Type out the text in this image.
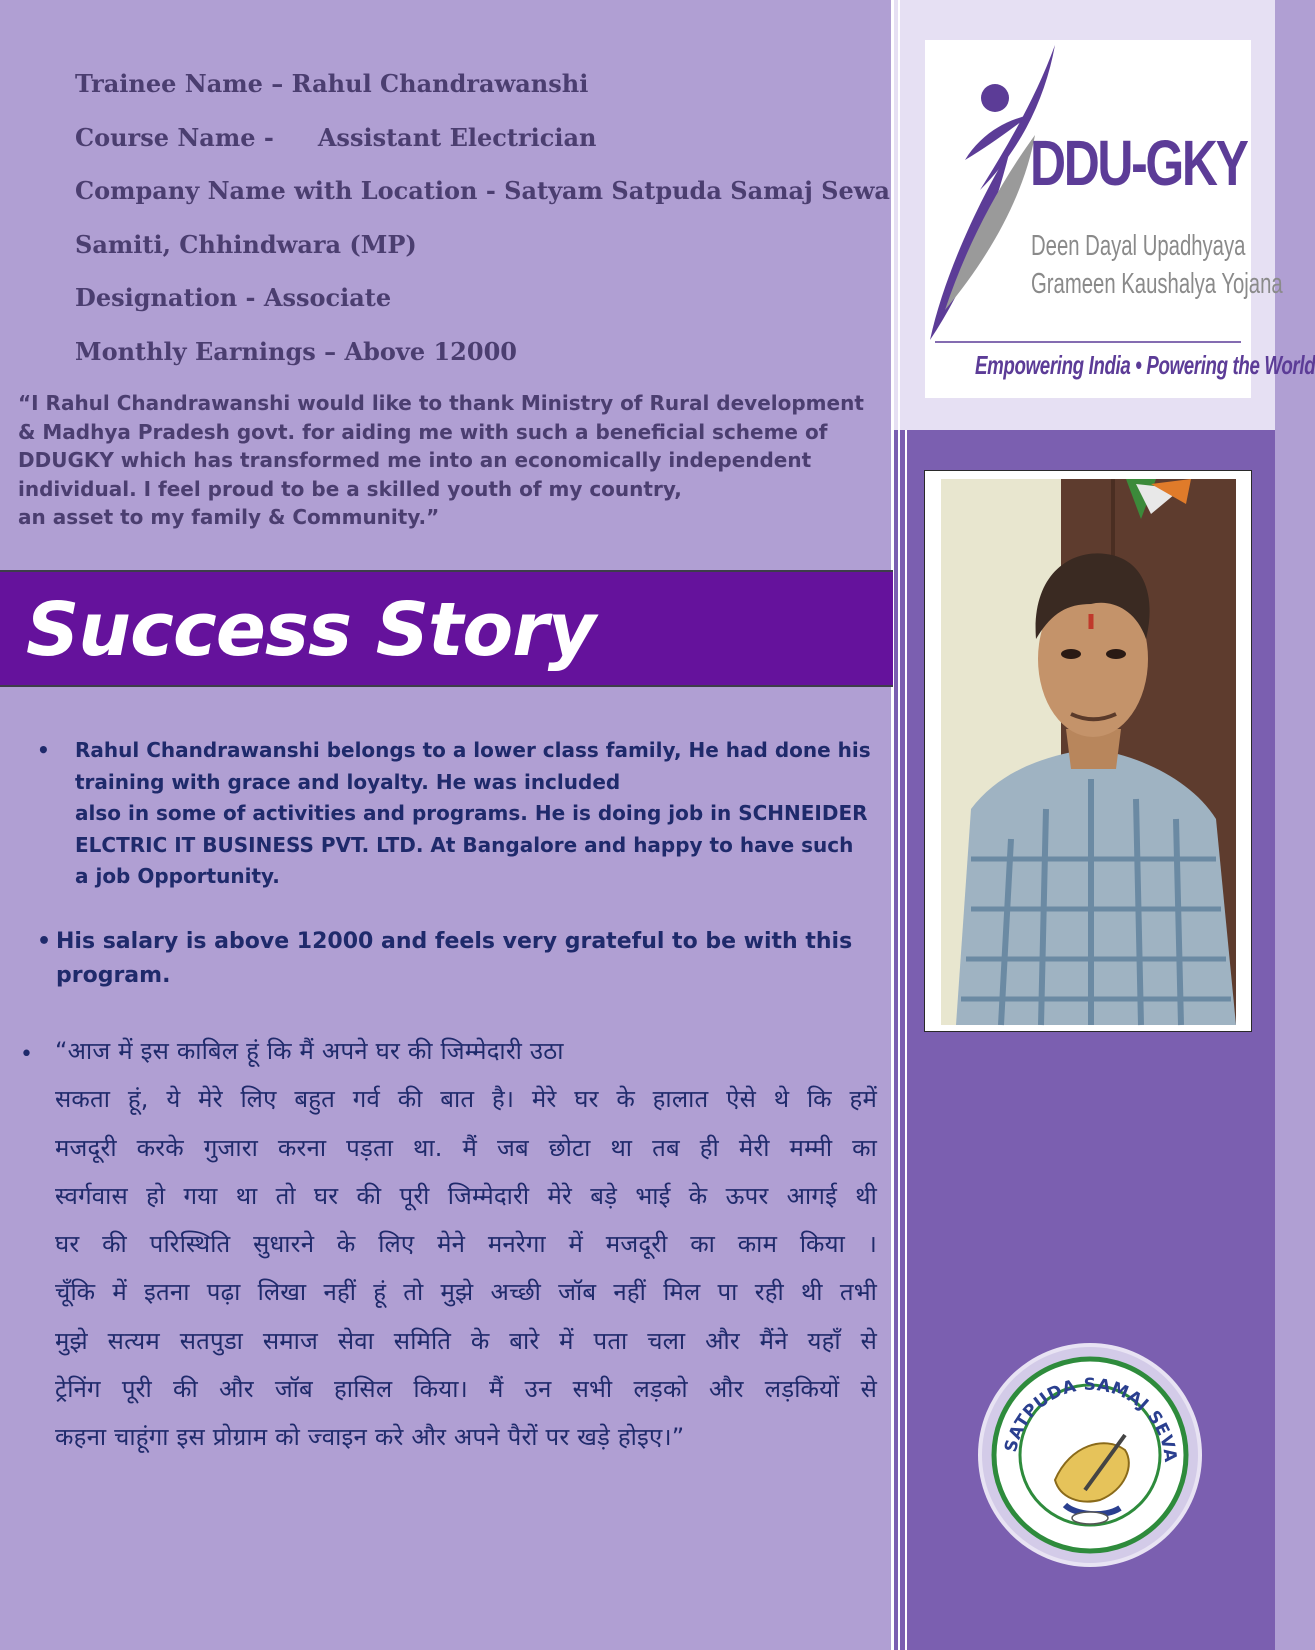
Trainee Name – Rahul Chandrawanshi
Course Name - Assistant Electrician
Company Name with Location - Satyam Satpuda Samaj Sewa
Samiti, Chhindwara (MP)
Designation - Associate
Monthly Earnings – Above 12000
“I Rahul Chandrawanshi would like to thank Ministry of Rural development
& Madhya Pradesh govt. for aiding me with such a beneficial scheme of
DDUGKY which has transformed me into an economically independent
individual. I feel proud to be a skilled youth of my country,
an asset to my family & Community.”
Success Story
• Rahul Chandrawanshi belongs to a lower class family, He had done his
training with grace and loyalty. He was included
also in some of activities and programs. He is doing job in SCHNEIDER
ELCTRIC IT BUSINESS PVT. LTD. At Bangalore and happy to have such
a job Opportunity.
• His salary is above 12000 and feels very grateful to be with this program.
• “आज में इस काबिल हूं कि मैं अपने घर की जिम्मेदारी उठा
सकता हूं, ये मेरे लिए बहुत गर्व की बात है। मेरे घर के हालात ऐसे थे कि हमें
मजदूरी करके गुजारा करना पड़ता था. मैं जब छोटा था तब ही मेरी मम्मी का
स्वर्गवास हो गया था तो घर की पूरी जिम्मेदारी मेरे बड़े भाई के ऊपर आगई थी
घर की परिस्थिति सुधारने के लिए मेने मनरेगा में मजदूरी का काम किया ।
चूँकि में इतना पढ़ा लिखा नहीं हूं तो मुझे अच्छी जॉब नहीं मिल पा रही थी तभी
मुझे सत्यम सतपुडा समाज सेवा समिति के बारे में पता चला और मैंने यहाँ से
ट्रेनिंग पूरी की और जॉब हासिल किया। मैं उन सभी लड़को और लड़कियों से
कहना चाहूंगा इस प्रोग्राम को ज्वाइन करे और अपने पैरों पर खड़े होइए।”
DDU-GKY
Deen Dayal Upadhyaya
Grameen Kaushalya Yojana
Empowering India • Powering the World
SATPUDA SAMAJ SEVA
